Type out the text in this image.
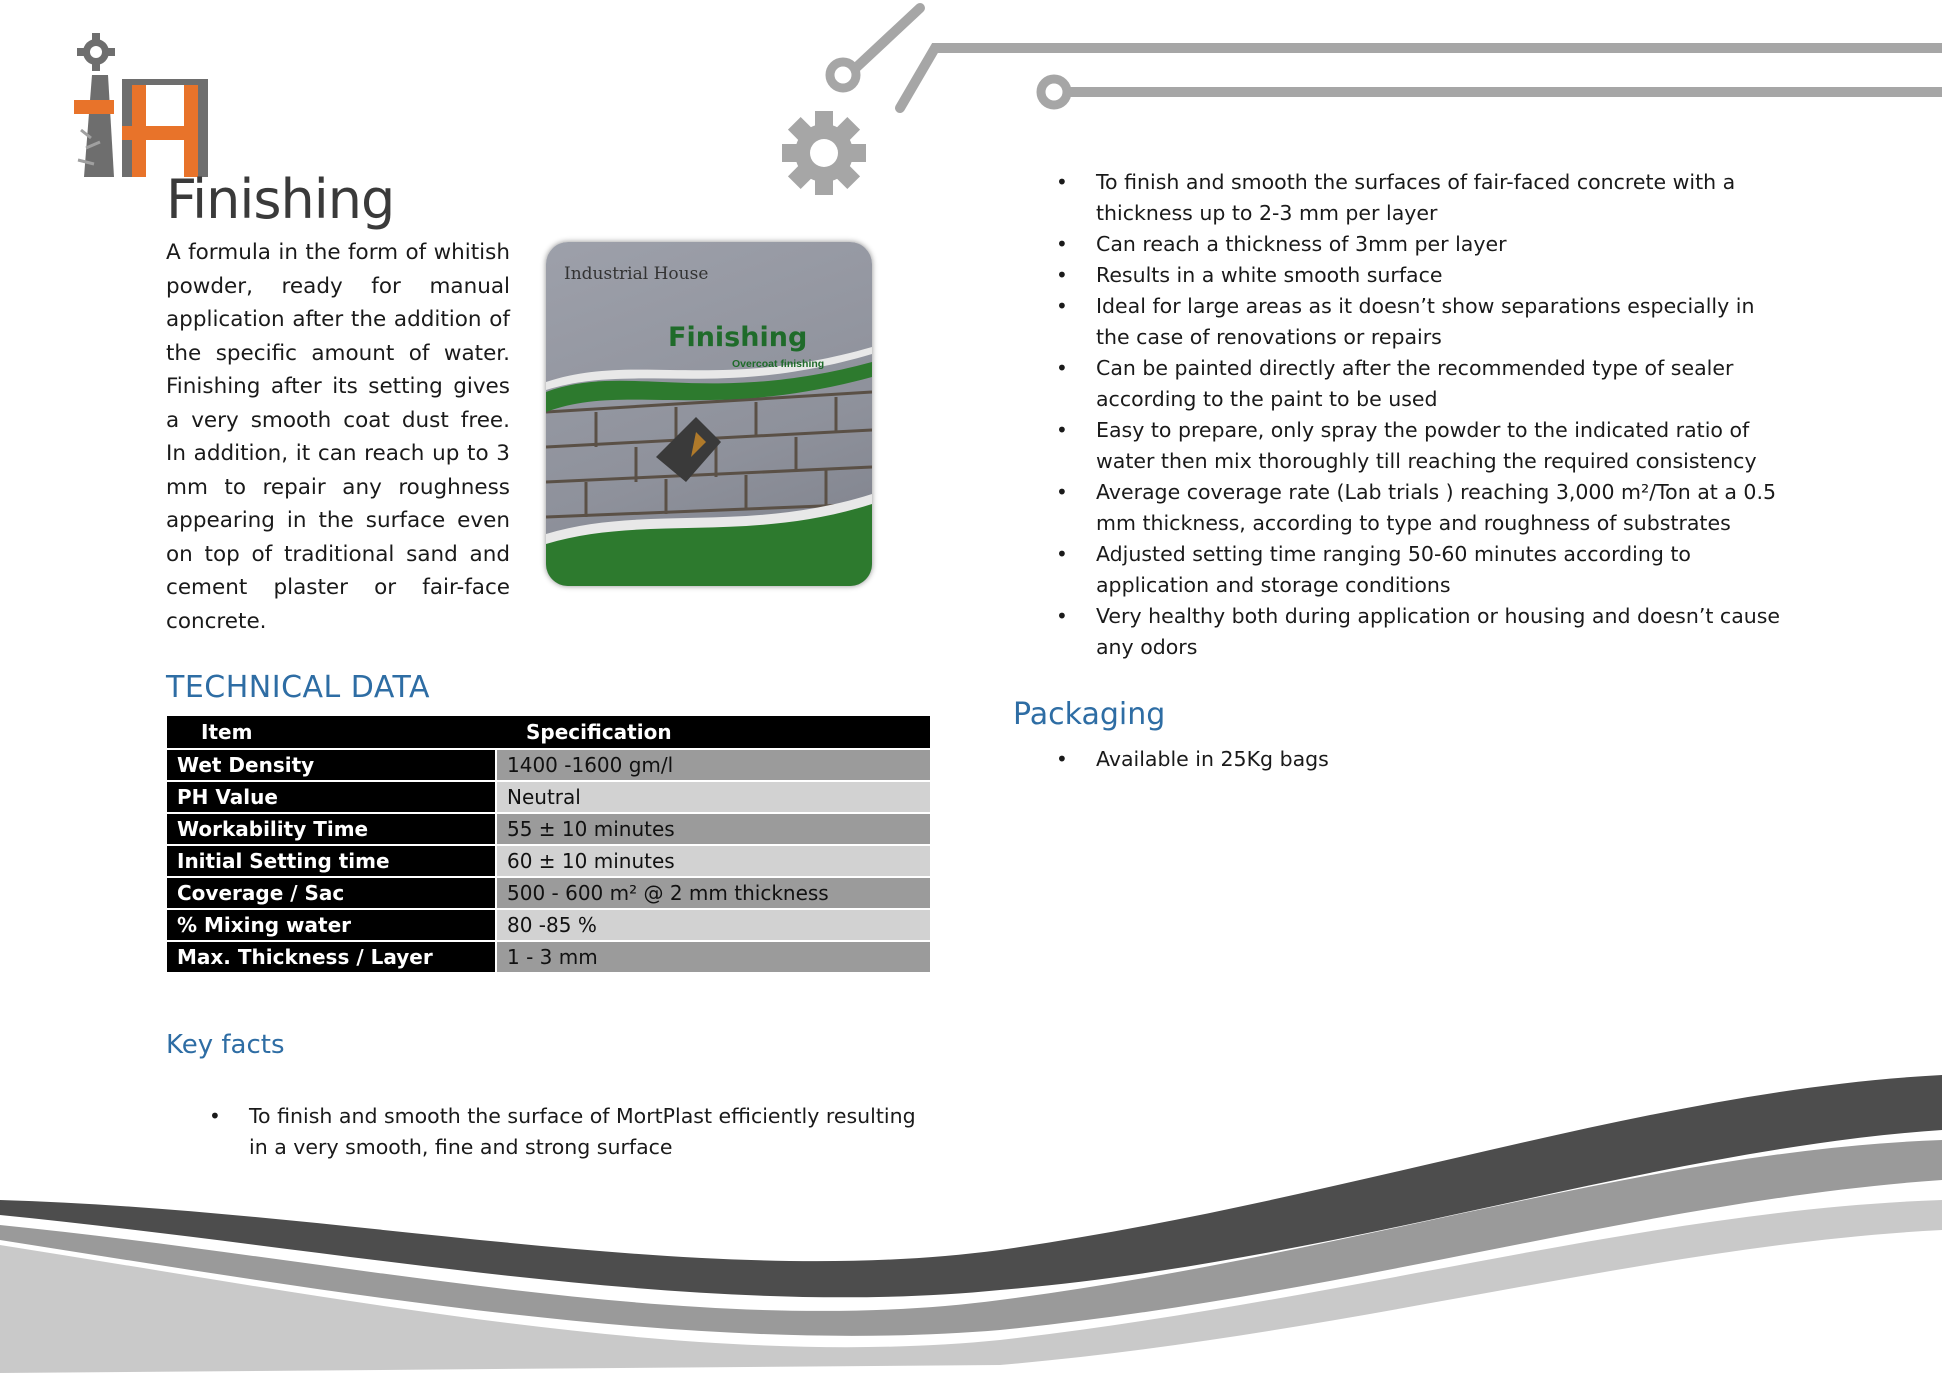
Finishing

A formula in the form of whitish powder, ready for manual application after the addition of the specific amount of water. Finishing after its setting gives a very smooth coat dust free. In addition, it can reach up to 3 mm to repair any roughness appearing in the surface even on top of traditional sand and cement plaster or fair-face concrete.

Industrial House
Finishing
Overcoat finishing
TECHNICAL DATA
Item	Specification
Wet Density	1400 -1600 gm/l
PH Value	Neutral
Workability Time	55 ± 10 minutes
Initial Setting time	60 ± 10 minutes
Coverage / Sac	500 - 600 m² @ 2 mm thickness
% Mixing water	80 -85 %
Max. Thickness / Layer	1 - 3 mm
Key facts
• To finish and smooth the surface of MortPlast efficiently resulting in a very smooth, fine and strong surface
• To finish and smooth the surfaces of fair-faced concrete with a thickness up to 2-3 mm per layer
• Can reach a thickness of 3mm per layer
• Results in a white smooth surface
• Ideal for large areas as it doesn’t show separations especially in the case of renovations or repairs
• Can be painted directly after the recommended type of sealer according to the paint to be used
• Easy to prepare, only spray the powder to the indicated ratio of water then mix thoroughly till reaching the required consistency
• Average coverage rate (Lab trials ) reaching 3,000 m²/Ton at a 0.5 mm thickness, according to type and roughness of substrates
• Adjusted setting time ranging 50-60 minutes according to application and storage conditions
• Very healthy both during application or housing and doesn’t cause any odors
Packaging
• Available in 25Kg bags
